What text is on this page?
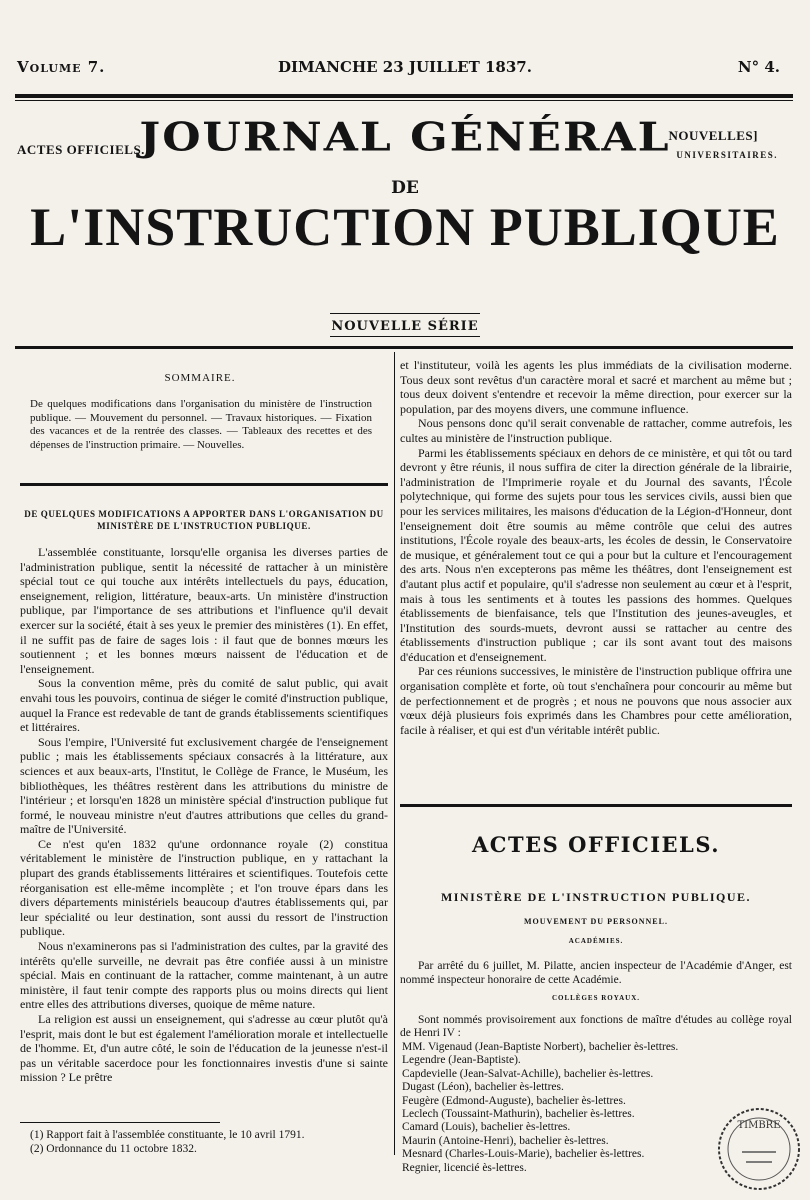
Volume 7.	DIMANCHE 23 JUILLET 1837.	N° 4.
ACTES OFFICIELS.
NOUVELLES]
UNIVERSITAIRES.
JOURNAL GÉNÉRAL
DE
L'INSTRUCTION PUBLIQUE
NOUVELLE SÉRIE
SOMMAIRE.
De quelques modifications dans l'organisation du ministère de l'instruction publique. — Mouvement du personnel. — Travaux historiques. — Fixation des vacances et de la rentrée des classes. — Tableaux des recettes et des dépenses de l'instruction primaire. — Nouvelles.
DE QUELQUES MODIFICATIONS A APPORTER DANS L'ORGANISATION DU MINISTÈRE DE L'INSTRUCTION PUBLIQUE.

L'assemblée constituante, lorsqu'elle organisa les diverses parties de l'administration publique, sentit la nécessité de rattacher à un ministère spécial tout ce qui touche aux intérêts intellectuels du pays, éducation, enseignement, religion, littérature, beaux-arts. Un ministère d'instruction publique, par l'importance de ses attributions et l'influence qu'il devait exercer sur la société, était à ses yeux le premier des ministères (1). En effet, il ne suffit pas de faire de sages lois : il faut que de bonnes mœurs les soutiennent ; et les bonnes mœurs naissent de l'éducation et de l'enseignement.

Sous la convention même, près du comité de salut public, qui avait envahi tous les pouvoirs, continua de siéger le comité d'instruction publique, auquel la France est redevable de tant de grands établissements scientifiques et littéraires.

Sous l'empire, l'Université fut exclusivement chargée de l'enseignement public ; mais les établissements spéciaux consacrés à la littérature, aux sciences et aux beaux-arts, l'Institut, le Collège de France, le Muséum, les bibliothèques, les théâtres restèrent dans les attributions du ministre de l'intérieur ; et lorsqu'en 1828 un ministère spécial d'instruction publique fut formé, le nouveau ministre n'eut d'autres attributions que celles du grand-maître de l'Université.

Ce n'est qu'en 1832 qu'une ordonnance royale (2) constitua véritablement le ministère de l'instruction publique, en y rattachant la plupart des grands établissements littéraires et scientifiques. Toutefois cette réorganisation est elle-même incomplète ; et l'on trouve épars dans les divers départements ministériels beaucoup d'autres établissements qui, par leur spécialité ou leur destination, sont aussi du ressort de l'instruction publique.

Nous n'examinerons pas si l'administration des cultes, par la gravité des intérêts qu'elle surveille, ne devrait pas être confiée aussi à un ministre spécial. Mais en continuant de la rattacher, comme maintenant, à un autre ministère, il faut tenir compte des rapports plus ou moins directs qui lient entre elles des attributions diverses, quoique de même nature.

La religion est aussi un enseignement, qui s'adresse au cœur plutôt qu'à l'esprit, mais dont le but est également l'amélioration morale et intellectuelle de l'homme. Et, d'un autre côté, le soin de l'éducation de la jeunesse n'est-il pas un véritable sacerdoce pour les fonctionnaires investis d'une si sainte mission ? Le prêtre

(1) Rapport fait à l'assemblée constituante, le 10 avril 1791.
(2) Ordonnance du 11 octobre 1832.

et l'instituteur, voilà les agents les plus immédiats de la civilisation moderne. Tous deux sont revêtus d'un caractère moral et sacré et marchent au même but ; tous deux doivent s'entendre et recevoir la même direction, pour exercer sur la population, par des moyens divers, une commune influence.

Nous pensons donc qu'il serait convenable de rattacher, comme autrefois, les cultes au ministère de l'instruction publique.

Parmi les établissements spéciaux en dehors de ce ministère, et qui tôt ou tard devront y être réunis, il nous suffira de citer la direction générale de la librairie, l'administration de l'Imprimerie royale et du Journal des savants, l'École polytechnique, qui forme des sujets pour tous les services civils, aussi bien que pour les services militaires, les maisons d'éducation de la Légion-d'Honneur, dont l'enseignement doit être soumis au même contrôle que celui des autres institutions, l'École royale des beaux-arts, les écoles de dessin, le Conservatoire de musique, et généralement tout ce qui a pour but la culture et l'encouragement des arts. Nous n'en excepterons pas même les théâtres, dont l'enseignement est d'autant plus actif et populaire, qu'il s'adresse non seulement au cœur et à l'esprit, mais à tous les sentiments et à toutes les passions des hommes. Quelques établissements de bienfaisance, tels que l'Institution des jeunes-aveugles, et l'Institution des sourds-muets, devront aussi se rattacher au centre des établissements d'instruction publique ; car ils sont avant tout des maisons d'éducation et d'enseignement.

Par ces réunions successives, le ministère de l'instruction publique offrira une organisation complète et forte, où tout s'enchaînera pour concourir au même but de perfectionnement et de progrès ; et nous ne pouvons que nous associer aux vœux déjà plusieurs fois exprimés dans les Chambres pour cette amélioration, facile à réaliser, et qui est d'un véritable intérêt public.

ACTES OFFICIELS.
MINISTÈRE DE L'INSTRUCTION PUBLIQUE.
MOUVEMENT DU PERSONNEL.
ACADÉMIES.

Par arrêté du 6 juillet, M. Pilatte, ancien inspecteur de l'Académie d'Anger, est nommé inspecteur honoraire de cette Académie.

COLLÈGES ROYAUX.

Sont nommés provisoirement aux fonctions de maître d'études au collège royal de Henri IV :

MM. Vigenaud (Jean-Baptiste Norbert), bachelier ès-lettres.
Legendre (Jean-Baptiste).
Capdevielle (Jean-Salvat-Achille), bachelier ès-lettres.
Dugast (Léon), bachelier ès-lettres.
Feugère (Edmond-Auguste), bachelier ès-lettres.
Leclech (Toussaint-Mathurin), bachelier ès-lettres.
Camard (Louis), bachelier ès-lettres.
Maurin (Antoine-Henri), bachelier ès-lettres.
Mesnard (Charles-Louis-Marie), bachelier ès-lettres.
Regnier, licencié ès-lettres.
TIMBRE
